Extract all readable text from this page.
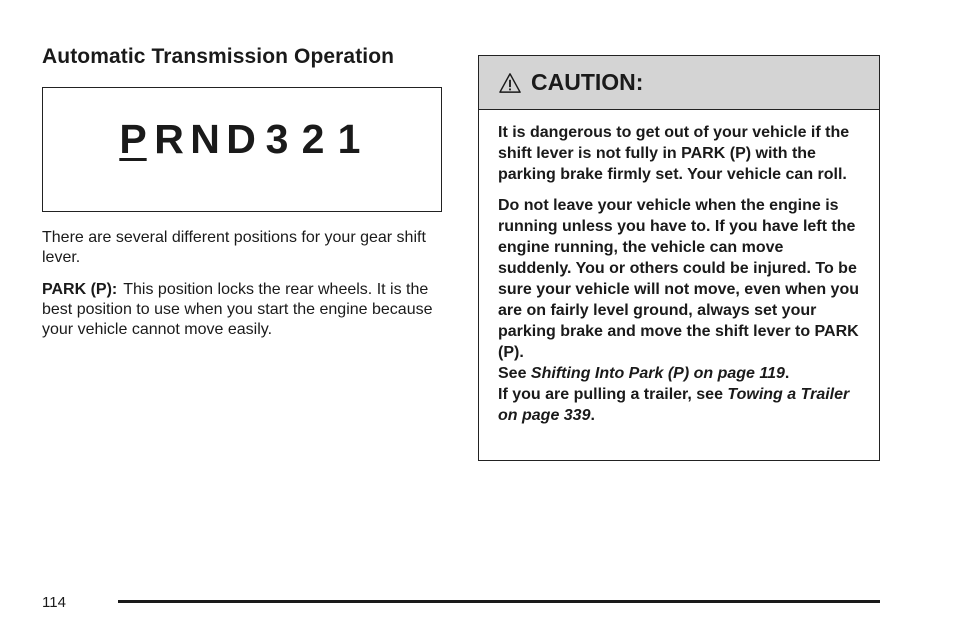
Automatic Transmission Operation
P R N D 3 2 1
There are several different positions for your gear shift lever.
PARK (P): This position locks the rear wheels. It is the best position to use when you start the engine because your vehicle cannot move easily.
CAUTION:

It is dangerous to get out of your vehicle if the shift lever is not fully in PARK (P) with the parking brake firmly set. Your vehicle can roll.

Do not leave your vehicle when the engine is running unless you have to. If you have left the engine running, the vehicle can move suddenly. You or others could be injured. To be sure your vehicle will not move, even when you are on fairly level ground, always set your parking brake and move the shift lever to PARK (P).
See Shifting Into Park (P) on page 119.
If you are pulling a trailer, see Towing a Trailer on page 339.

114
